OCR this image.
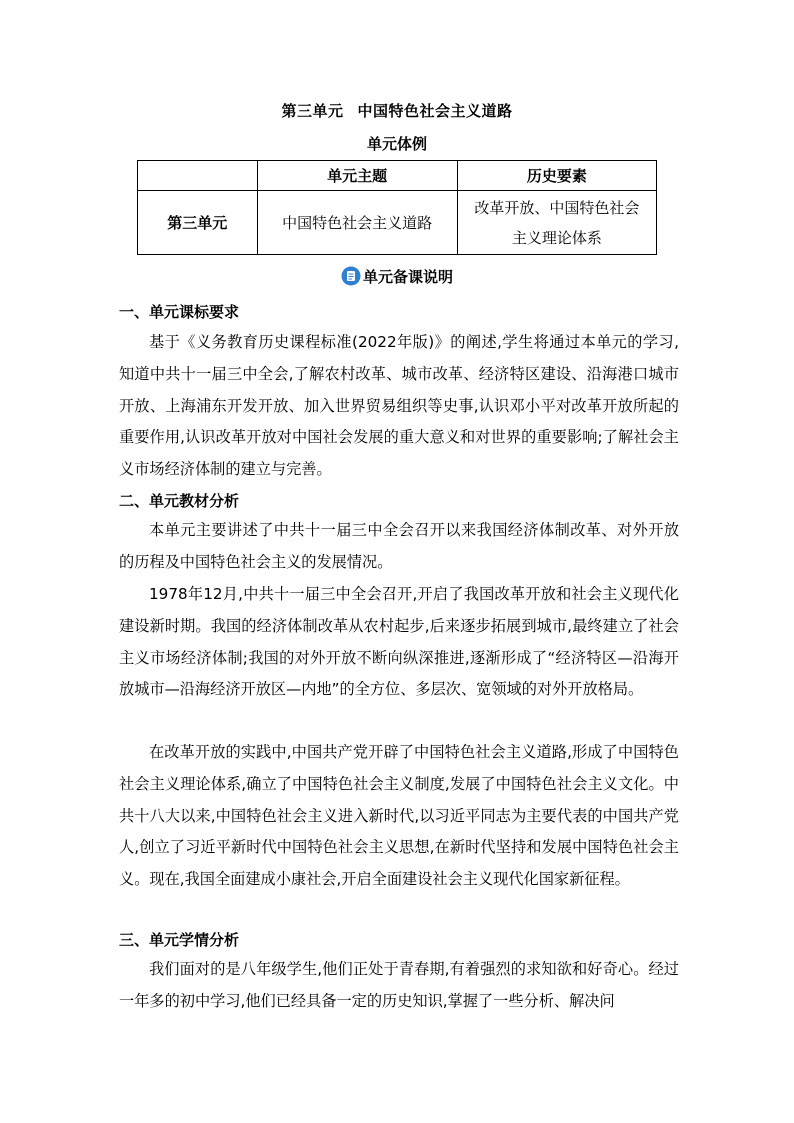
第三单元 中国特色社会主义道路
单元体例
	单元主题	历史要素
第三单元	中国特色社会主义道路	改革开放、中国特色社会
主义理论体系
单元备课说明
一、单元课标要求

基于《义务教育历史课程标准(2022年版)》的阐述,学生将通过本单元的学习,知道中共十一届三中全会,了解农村改革、城市改革、经济特区建设、沿海港口城市开放、上海浦东开发开放、加入世界贸易组织等史事,认识邓小平对改革开放所起的重要作用,认识改革开放对中国社会发展的重大意义和对世界的重要影响;了解社会主义市场经济体制的建立与完善。

二、单元教材分析

本单元主要讲述了中共十一届三中全会召开以来我国经济体制改革、对外开放的历程及中国特色社会主义的发展情况。

1978年12月,中共十一届三中全会召开,开启了我国改革开放和社会主义现代化建设新时期。我国的经济体制改革从农村起步,后来逐步拓展到城市,最终建立了社会主义市场经济体制;我国的对外开放不断向纵深推进,逐渐形成了“经济特区—沿海开放城市—沿海经济开放区—内地”的全方位、多层次、宽领域的对外开放格局。

在改革开放的实践中,中国共产党开辟了中国特色社会主义道路,形成了中国特色社会主义理论体系,确立了中国特色社会主义制度,发展了中国特色社会主义文化。中共十八大以来,中国特色社会主义进入新时代,以习近平同志为主要代表的中国共产党人,创立了习近平新时代中国特色社会主义思想,在新时代坚持和发展中国特色社会主义。现在,我国全面建成小康社会,开启全面建设社会主义现代化国家新征程。

三、单元学情分析

我们面对的是八年级学生,他们正处于青春期,有着强烈的求知欲和好奇心。经过一年多的初中学习,他们已经具备一定的历史知识,掌握了一些分析、解决问
